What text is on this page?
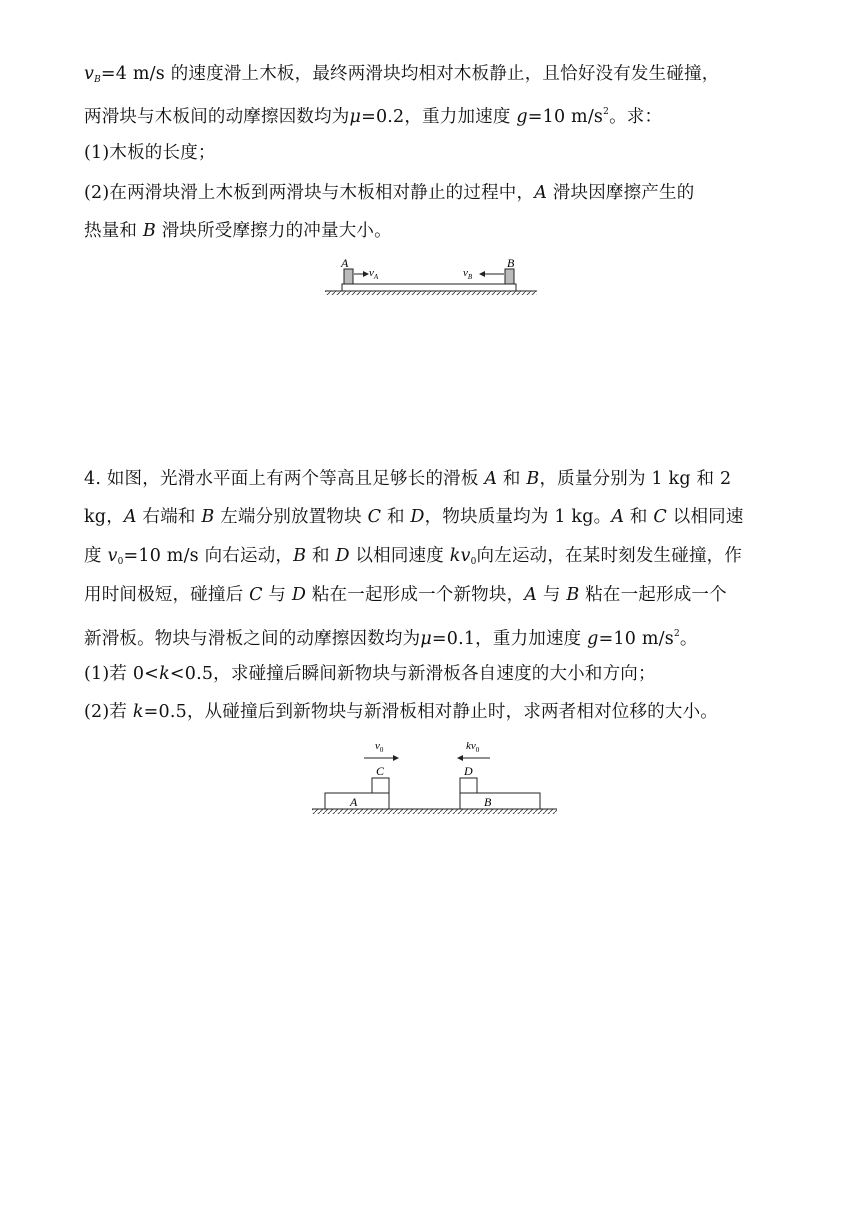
$v_B=4$ m/s 的速度滑上木板，最终两滑块均相对木板静止，且恰好没有发生碰撞，
两滑块与木板间的动摩擦因数均为μ=0.2，重力加速度 g=10 $m/s^2$。求：
(1)木板的长度；
(2)在两滑块滑上木板到两滑块与木板相对静止的过程中，A 滑块因摩擦产生的
热量和 B 滑块所受摩擦力的冲量大小。
A	B
$v_A$	$v_B$
4. 如图，光滑水平面上有两个等高且足够长的滑板 A 和 B，质量分别为 1 kg 和 2
kg，A 右端和 B 左端分别放置物块 C 和 D，物块质量均为 1 kg。A 和 C 以相同速
度 $v_0=10$ m/s 向右运动，B 和 D 以相同速度 $kv_0$向左运动，在某时刻发生碰撞，作
用时间极短，碰撞后 C 与 D 粘在一起形成一个新物块，A 与 B 粘在一起形成一个
新滑板。物块与滑板之间的动摩擦因数均为μ=0.1，重力加速度 g=10 $m/s^2$。
(1)若 0<k<0.5，求碰撞后瞬间新物块与新滑板各自速度的大小和方向；
(2)若 k=0.5，从碰撞后到新物块与新滑板相对静止时，求两者相对位移的大小。
A	B
C	D
$v_0$	$kv_0$
